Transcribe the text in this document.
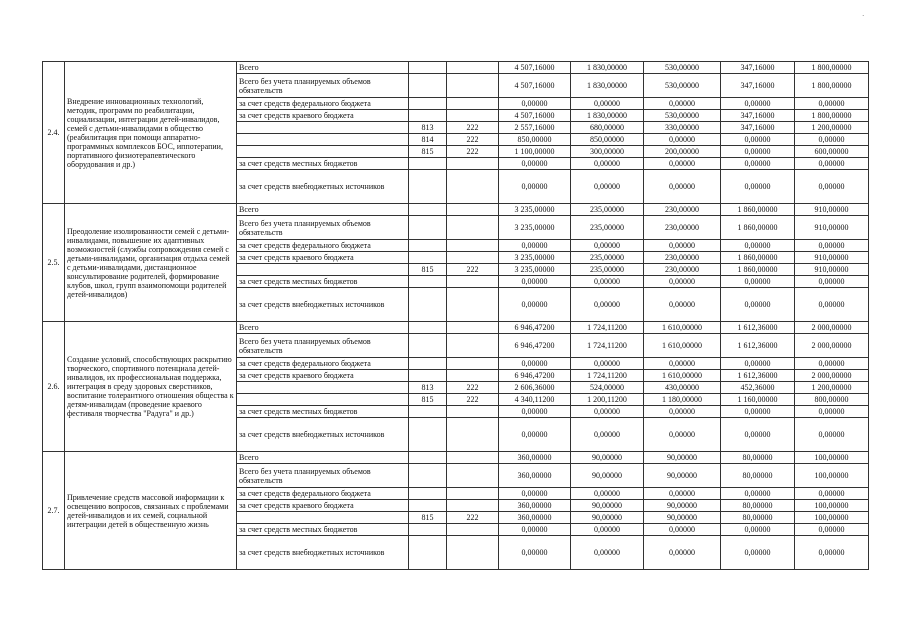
·
2.4.	Внедрение инновационных технологий, методик, программ по реабилитации, социализации, интеграции детей-инвалидов, семей с детьми-инвалидами в общество (реабилитация при помощи аппаратно-программных комплексов БОС, иппотерапии, портативного физиотерапевтического оборудования и др.)	Всего			4 507,16000	1 830,00000	530,00000	347,16000	1 800,00000
		Всего без учета планируемых объемов обязательств			4 507,16000	1 830,00000	530,00000	347,16000	1 800,00000
		за счет средств федерального бюджета			0,00000	0,00000	0,00000	0,00000	0,00000
		за счет средств краевого бюджета			4 507,16000	1 830,00000	530,00000	347,16000	1 800,00000
			813	222	2 557,16000	680,00000	330,00000	347,16000	1 200,00000
			814	222	850,00000	850,00000	0,00000	0,00000	0,00000
			815	222	1 100,00000	300,00000	200,00000	0,00000	600,00000
		за счет средств местных бюджетов			0,00000	0,00000	0,00000	0,00000	0,00000
		за счет средств внебюджетных источников			0,00000	0,00000	0,00000	0,00000	0,00000
2.5.	Преодоление изолированности семей с детьми-инвалидами, повышение их адаптивных возможностей (службы сопровождения семей с детьми-инвалидами, организация отдыха семей с детьми-инвалидами, дистанционное консультирование родителей, формирование клубов, школ, групп взаимопомощи родителей детей-инвалидов)	Всего			3 235,00000	235,00000	230,00000	1 860,00000	910,00000
		Всего без учета планируемых объемов обязательств			3 235,00000	235,00000	230,00000	1 860,00000	910,00000
		за счет средств федерального бюджета			0,00000	0,00000	0,00000	0,00000	0,00000
		за счет средств краевого бюджета			3 235,00000	235,00000	230,00000	1 860,00000	910,00000
			815	222	3 235,00000	235,00000	230,00000	1 860,00000	910,00000
		за счет средств местных бюджетов			0,00000	0,00000	0,00000	0,00000	0,00000
		за счет средств внебюджетных источников			0,00000	0,00000	0,00000	0,00000	0,00000
2.6.	Создание условий, способствующих раскрытию творческого, спортивного потенциала детей-инвалидов, их профессиональная поддержка, интеграция в среду здоровых сверстников, воспитание толерантного отношения общества к детям-инвалидам (проведение краевого фестиваля творчества "Радуга" и др.)	Всего			6 946,47200	1 724,11200	1 610,00000	1 612,36000	2 000,00000
		Всего без учета планируемых объемов обязательств			6 946,47200	1 724,11200	1 610,00000	1 612,36000	2 000,00000
		за счет средств федерального бюджета			0,00000	0,00000	0,00000	0,00000	0,00000
		за счет средств краевого бюджета			6 946,47200	1 724,11200	1 610,00000	1 612,36000	2 000,00000
			813	222	2 606,36000	524,00000	430,00000	452,36000	1 200,00000
			815	222	4 340,11200	1 200,11200	1 180,00000	1 160,00000	800,00000
		за счет средств местных бюджетов			0,00000	0,00000	0,00000	0,00000	0,00000
		за счет средств внебюджетных источников			0,00000	0,00000	0,00000	0,00000	0,00000
2.7.	Привлечение средств массовой информации к освещению вопросов, связанных с проблемами детей-инвалидов и их семей, социальной интеграции детей в общественную жизнь	Всего			360,00000	90,00000	90,00000	80,00000	100,00000
		Всего без учета планируемых объемов обязательств			360,00000	90,00000	90,00000	80,00000	100,00000
		за счет средств федерального бюджета			0,00000	0,00000	0,00000	0,00000	0,00000
		за счет средств краевого бюджета			360,00000	90,00000	90,00000	80,00000	100,00000
			815	222	360,00000	90,00000	90,00000	80,00000	100,00000
		за счет средств местных бюджетов			0,00000	0,00000	0,00000	0,00000	0,00000
		за счет средств внебюджетных источников			0,00000	0,00000	0,00000	0,00000	0,00000
